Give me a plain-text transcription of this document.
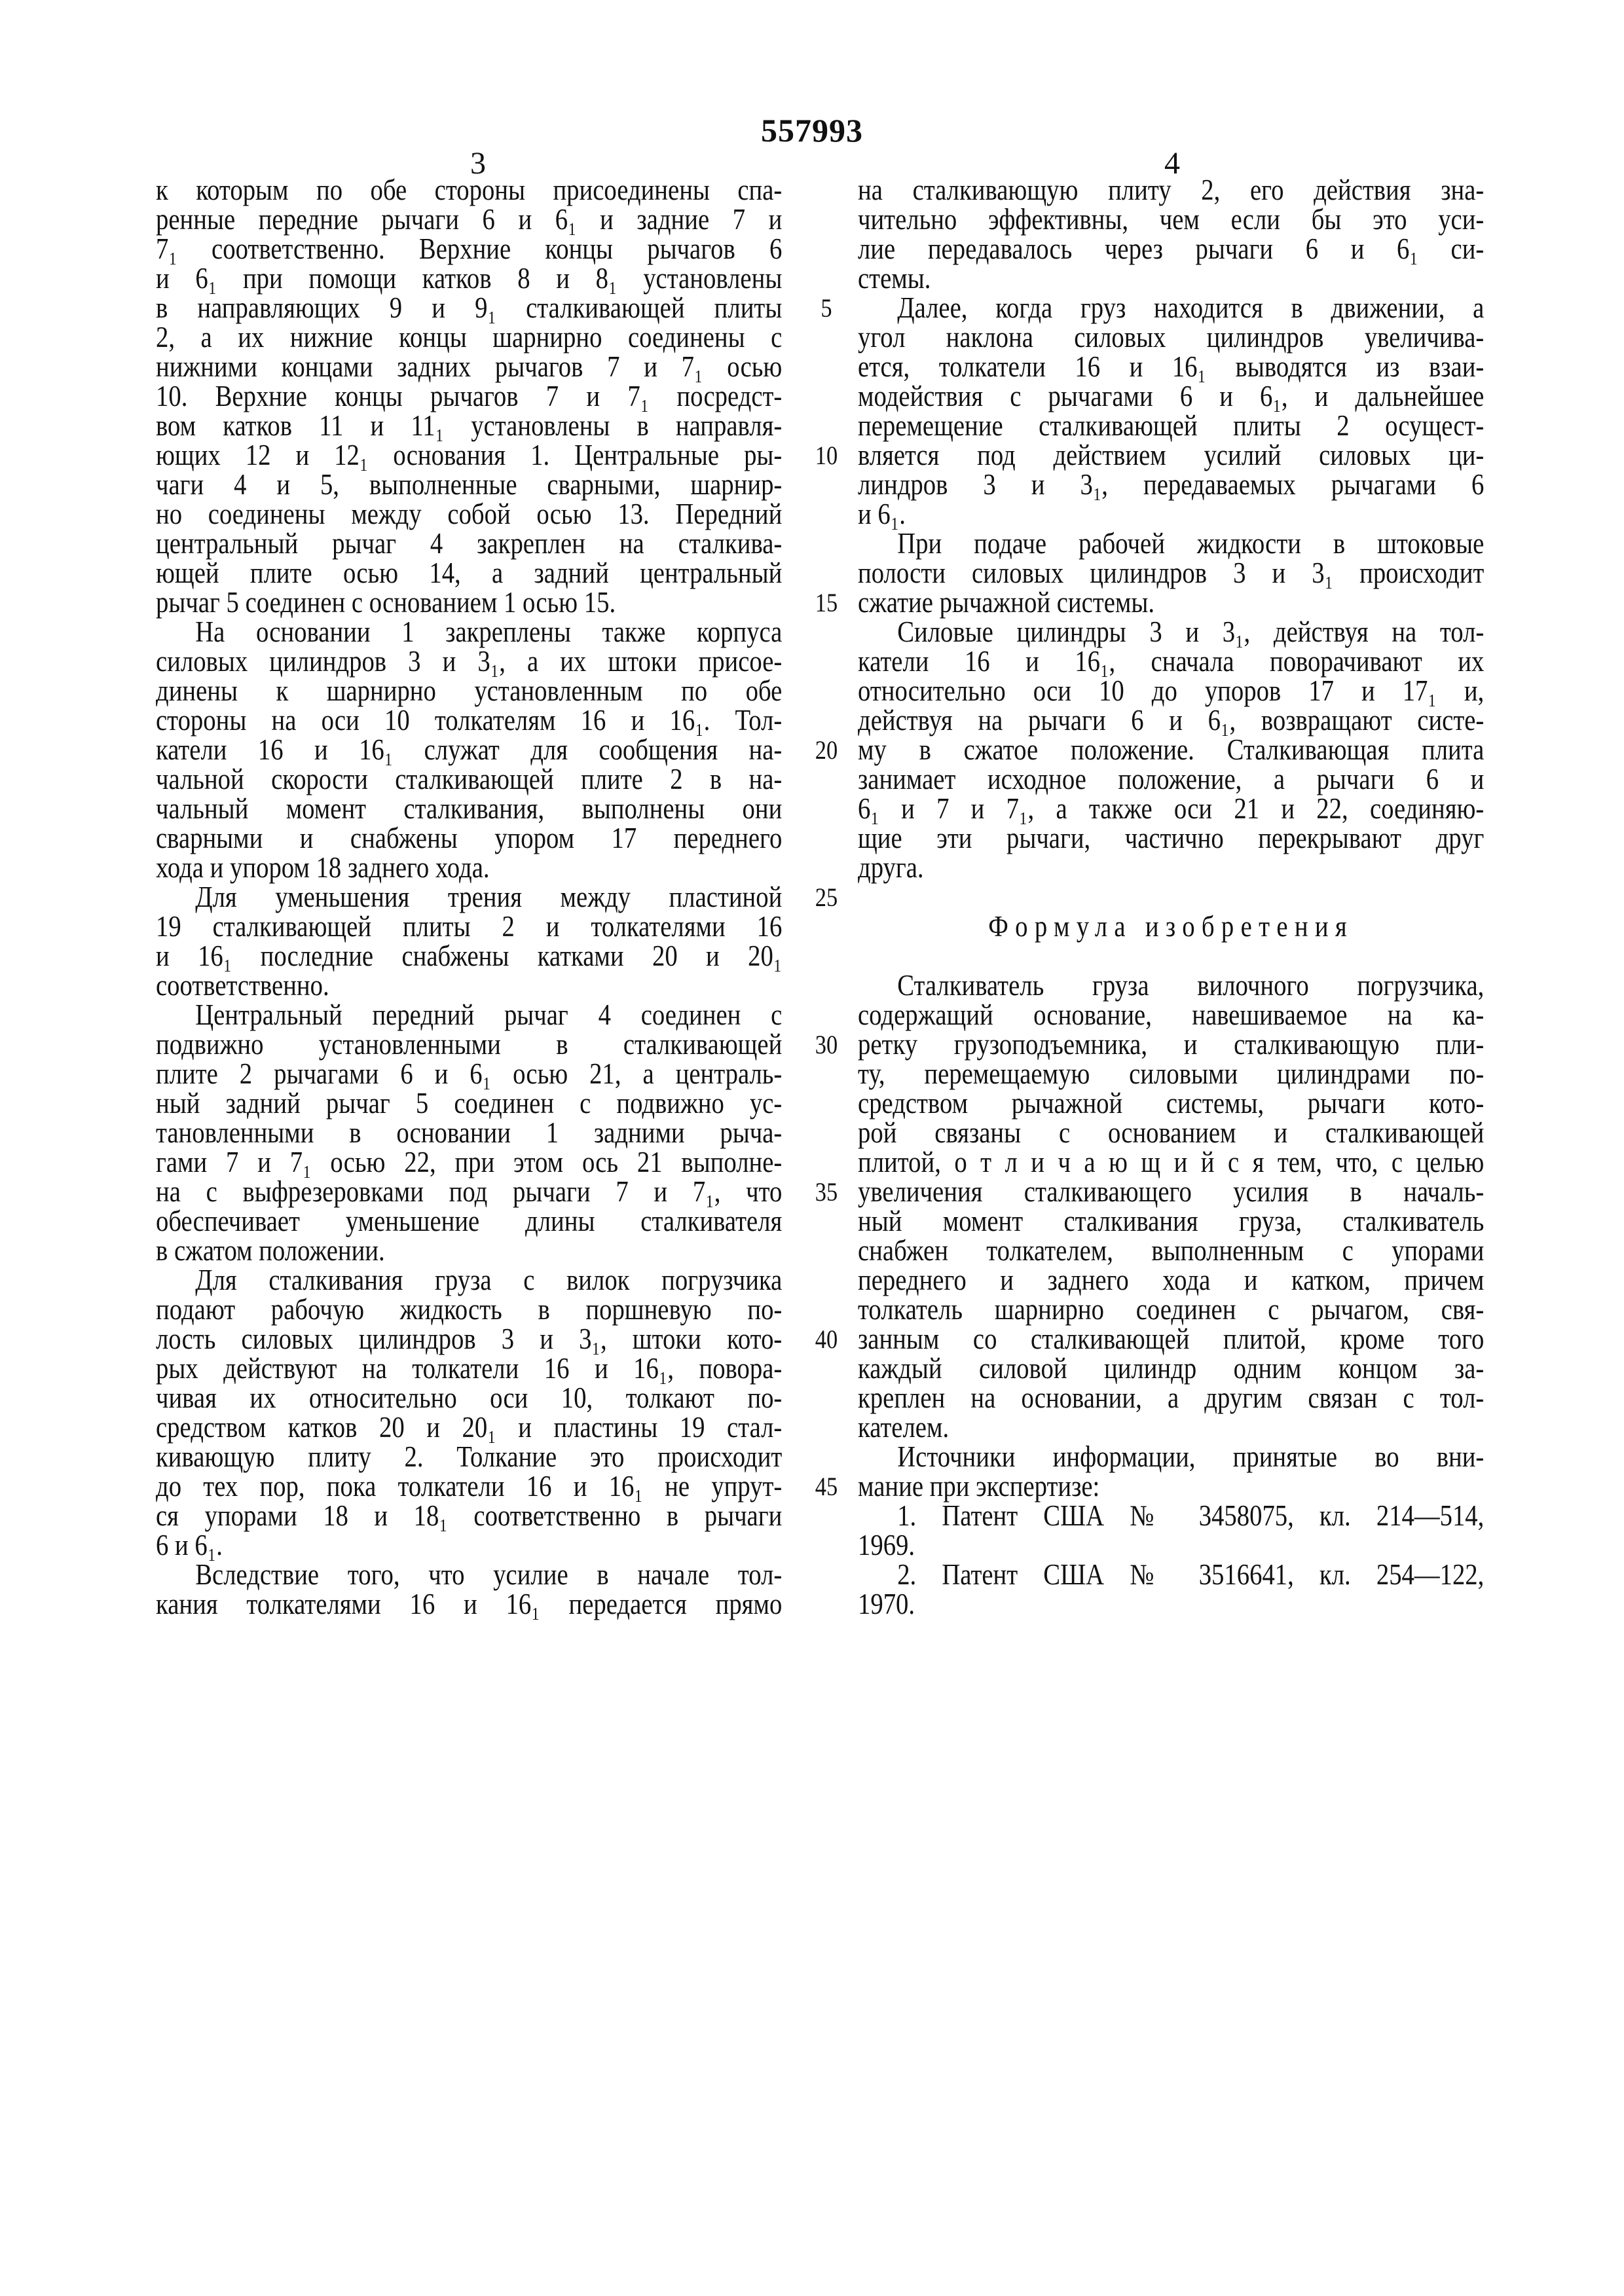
557993
3	4
к которым по обе стороны присоединены спа-
ренные передние рычаги 6 и 6₁ и задние 7 и
7₁ соответственно. Верхние концы рычагов 6
и 6₁ при помощи катков 8 и 8₁ установлены
в направляющих 9 и 9₁ сталкивающей плиты
2, а их нижние концы шарнирно соединены с
нижними концами задних рычагов 7 и 7₁ осью
10. Верхние концы рычагов 7 и 7₁ посредст-
вом катков 11 и 11₁ установлены в направля-
ющих 12 и 12₁ основания 1. Центральные ры-
чаги 4 и 5, выполненные сварными, шарнир-
но соединены между собой осью 13. Передний
центральный рычаг 4 закреплен на сталкива-
ющей плите осью 14, а задний центральный
рычаг 5 соединен с основанием 1 осью 15.
На основании 1 закреплены также корпуса
силовых цилиндров 3 и 3₁, а их штоки присое-
динены к шарнирно установленным по обе
стороны на оси 10 толкателям 16 и 16₁. Тол-
катели 16 и 16₁ служат для сообщения на-
чальной скорости сталкивающей плите 2 в на-
чальный момент сталкивания, выполнены они
сварными и снабжены упором 17 переднего
хода и упором 18 заднего хода.
Для уменьшения трения между пластиной
19 сталкивающей плиты 2 и толкателями 16
и 16₁ последние снабжены катками 20 и 20₁
соответственно.
Центральный передний рычаг 4 соединен с
подвижно установленными в сталкивающей
плите 2 рычагами 6 и 6₁ осью 21, а централь-
ный задний рычаг 5 соединен с подвижно ус-
тановленными в основании 1 задними рыча-
гами 7 и 7₁ осью 22, при этом ось 21 выполне-
на с выфрезеровками под рычаги 7 и 7₁, что
обеспечивает уменьшение длины сталкивателя
в сжатом положении.
Для сталкивания груза с вилок погрузчика
подают рабочую жидкость в поршневую по-
лость силовых цилиндров 3 и 3₁, штоки кото-
рых действуют на толкатели 16 и 16₁, повора-
чивая их относительно оси 10, толкают по-
средством катков 20 и 20₁ и пластины 19 стал-
кивающую плиту 2. Толкание это происходит
до тех пор, пока толкатели 16 и 16₁ не упрут-
ся упорами 18 и 18₁ соответственно в рычаги
6 и 6₁.
Вследствие того, что усилие в начале тол-
кания толкателями 16 и 16₁ передается прямо
5
10
15
20
25
30
35
40
45
на сталкивающую плиту 2, его действия зна-
чительно эффективны, чем если бы это уси-
лие передавалось через рычаги 6 и 6₁ си-
стемы.
Далее, когда груз находится в движении, а
угол наклона силовых цилиндров увеличива-
ется, толкатели 16 и 16₁ выводятся из взаи-
модействия с рычагами 6 и 6₁, и дальнейшее
перемещение сталкивающей плиты 2 осущест-
вляется под действием усилий силовых ци-
линдров 3 и 3₁, передаваемых рычагами 6
и 6₁.
При подаче рабочей жидкости в штоковые
полости силовых цилиндров 3 и 3₁ происходит
сжатие рычажной системы.
Силовые цилиндры 3 и 3₁, действуя на тол-
катели 16 и 16₁, сначала поворачивают их
относительно оси 10 до упоров 17 и 17₁ и,
действуя на рычаги 6 и 6₁, возвращают систе-
му в сжатое положение. Сталкивающая плита
занимает исходное положение, а рычаги 6 и
6₁ и 7 и 7₁, а также оси 21 и 22, соединяю-
щие эти рычаги, частично перекрывают друг
друга.

Формула изобретения

Сталкиватель груза вилочного погрузчика,
содержащий основание, навешиваемое на ка-
ретку грузоподъемника, и сталкивающую пли-
ту, перемещаемую силовыми цилиндрами по-
средством рычажной системы, рычаги кото-
рой связаны с основанием и сталкивающей
плитой, о т л и ч а ю щ и й с я тем, что, с целью
увеличения сталкивающего усилия в началь-
ный момент сталкивания груза, сталкиватель
снабжен толкателем, выполненным с упорами
переднего и заднего хода и катком, причем
толкатель шарнирно соединен с рычагом, свя-
занным со сталкивающей плитой, кроме того
каждый силовой цилиндр одним концом за-
креплен на основании, а другим связан с тол-
кателем.
Источники информации, принятые во вни-
мание при экспертизе:
1. Патент США № 3458075, кл. 214—514,
1969.
2. Патент США № 3516641, кл. 254—122,
1970.
